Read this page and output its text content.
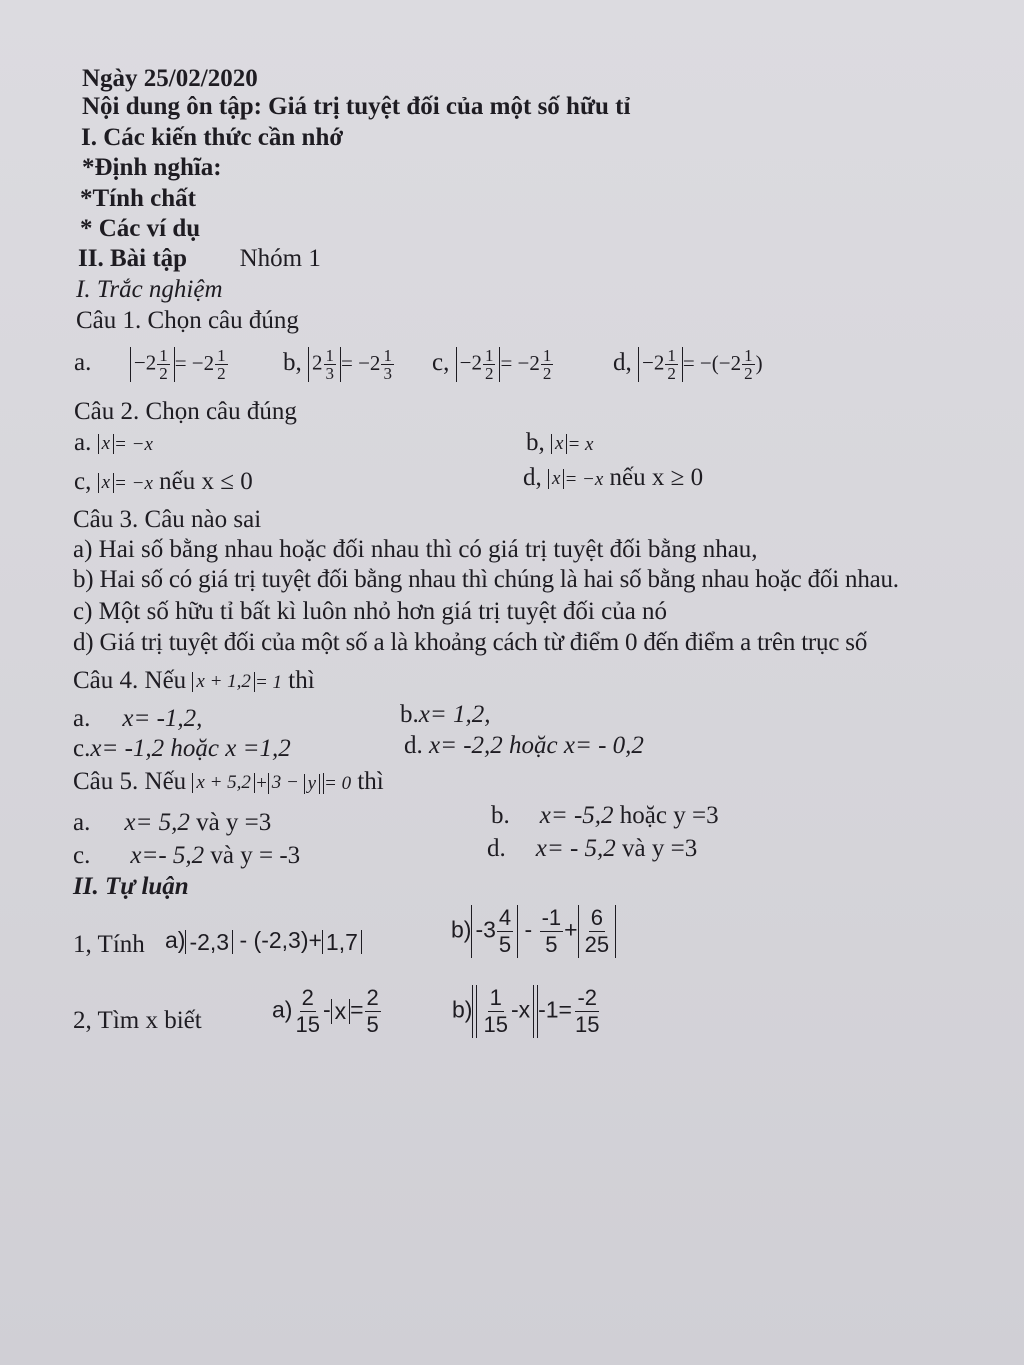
Ngày 25/02/2020
Nội dung ôn tập: Giá trị tuyệt đối của một số hữu tỉ
I. Các kiến thức cần nhớ
*Định nghĩa:
*Tính chất
* Các ví dụ
II. Bài tập Nhóm 1
I. Trắc nghiệm
Câu 1. Chọn câu đúng
a. $-2 \frac{1}{2} = -2 \frac{1}{2} b$, $2 \frac{1}{3} = -2 \frac{1}{3} c$, $-2 \frac{1}{2} = -2 \frac{1}{2} d$, $-2 \frac{1}{2} = -(-2 \frac{1}{2}$ )
Câu 2. Chọn câu đúng
a. x = −x	b, x = x
c, x = −x nếu x ≤ 0	d, x = −x nếu x ≥ 0
Câu 3. Câu nào sai
a) Hai số bằng nhau hoặc đối nhau thì có giá trị tuyệt đối bằng nhau,
b) Hai số có giá trị tuyệt đối bằng nhau thì chúng là hai số bằng nhau hoặc đối nhau.
c) Một số hữu tỉ bất kì luôn nhỏ hơn giá trị tuyệt đối của nó
d) Giá trị tuyệt đối của một số a là khoảng cách từ điểm 0 đến điểm a trên trục số
Câu 4. Nếu x + 1,2 = 1 thì
a. x= -1,2,	b.x= 1,2,
c.x= -1,2 hoặc x =1,2	d. x= -2,2 hoặc x= - 0,2
Câu 5. Nếu x + 5,2 + 3 − y = 0 thì
a. x= 5,2 và y =3	b. x= -5,2 hoặc y =3
c. x=- 5,2 và y = -3	d. x= - 5,2 và y =3
II. Tự luận
1, Tính a) -2,3 - (-2,3)+ 1,7	b) $-3 \frac{4}{5} - \frac{-1}{5} + \frac{6}{25}$
2, Tìm x biết	$a) \frac{2}{15} - x = \frac{2}{5}$	$b) \frac{1}{15} -x$ $-1= \frac{-2}{15}$
